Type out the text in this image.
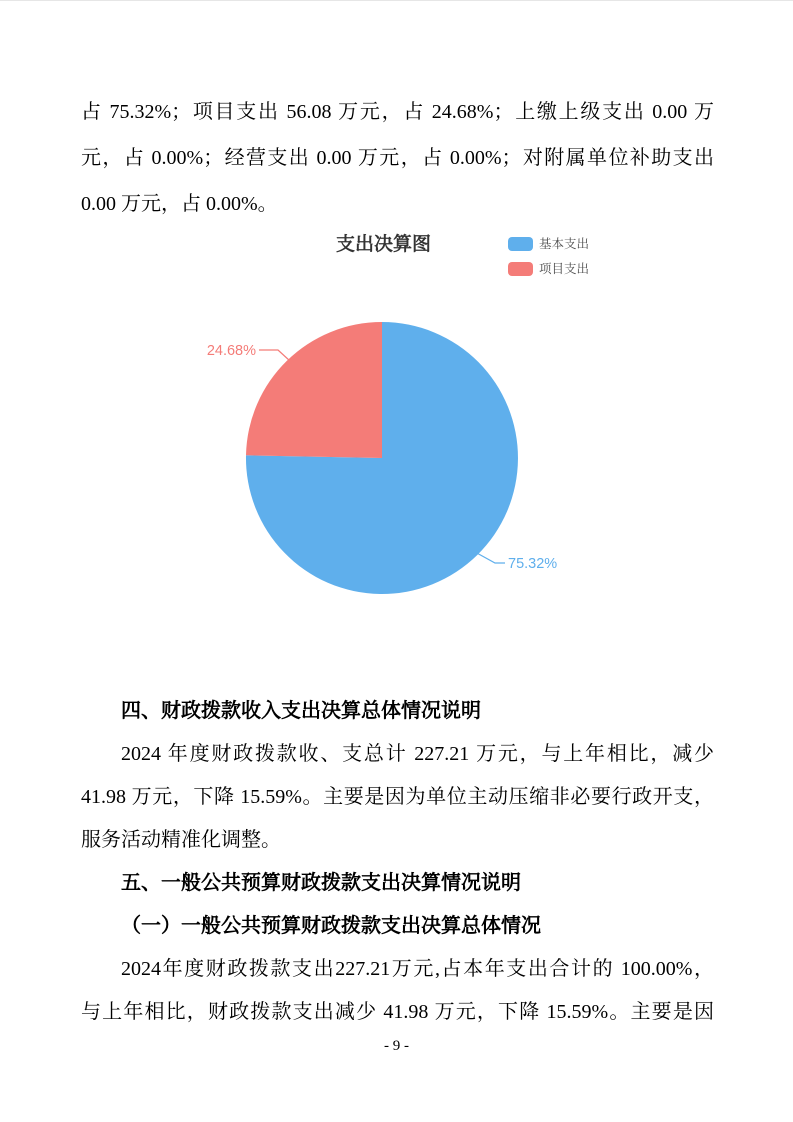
占 75.32%；项目支出 56.08 万元，占 24.68%；上缴上级支出 0.00 万
元，占 0.00%；经营支出 0.00 万元，占 0.00%；对附属单位补助支出
0.00 万元，占 0.00%。
支出决算图	基本支出
项目支出
24.68%
75.32%
四、财政拨款收入支出决算总体情况说明
2024 年度财政拨款收、支总计 227.21 万元，与上年相比，减少
41.98 万元，下降 15.59%。主要是因为单位主动压缩非必要行政开支，
服务活动精准化调整。
五、一般公共预算财政拨款支出决算情况说明
（一）一般公共预算财政拨款支出决算总体情况
2024年度财政拨款支出227.21万元,占本年支出合计的 100.00%，
与上年相比，财政拨款支出减少 41.98 万元，下降 15.59%。主要是因
- 9 -
